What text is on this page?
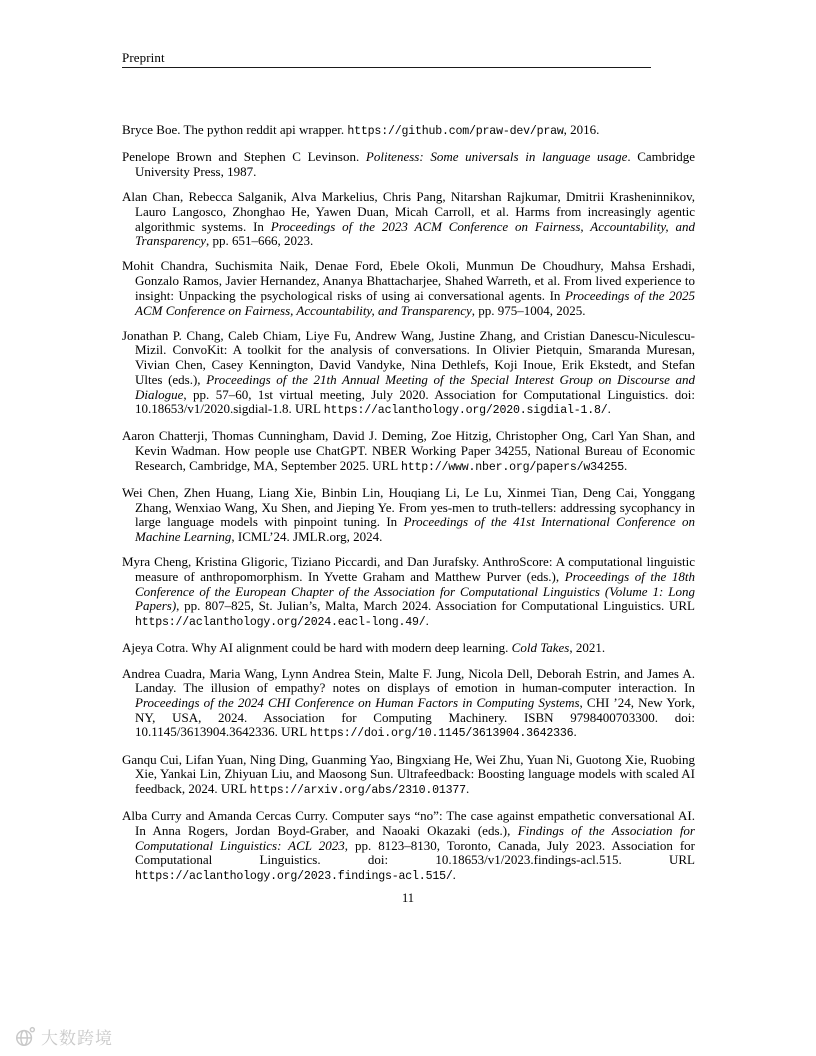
Preprint

Bryce Boe. The python reddit api wrapper. https://github.com/praw-dev/praw, 2016.

Penelope Brown and Stephen C Levinson. Politeness: Some universals in language usage. Cambridge University Press, 1987.

Alan Chan, Rebecca Salganik, Alva Markelius, Chris Pang, Nitarshan Rajkumar, Dmitrii Krasheninnikov, Lauro Langosco, Zhonghao He, Yawen Duan, Micah Carroll, et al. Harms from increasingly agentic algorithmic systems. In Proceedings of the 2023 ACM Conference on Fairness, Accountability, and Transparency, pp. 651–666, 2023.

Mohit Chandra, Suchismita Naik, Denae Ford, Ebele Okoli, Munmun De Choudhury, Mahsa Ershadi, Gonzalo Ramos, Javier Hernandez, Ananya Bhattacharjee, Shahed Warreth, et al. From lived experience to insight: Unpacking the psychological risks of using ai conversational agents. In Proceedings of the 2025 ACM Conference on Fairness, Accountability, and Transparency, pp. 975–1004, 2025.

Jonathan P. Chang, Caleb Chiam, Liye Fu, Andrew Wang, Justine Zhang, and Cristian Danescu-Niculescu-Mizil. ConvoKit: A toolkit for the analysis of conversations. In Olivier Pietquin, Smaranda Muresan, Vivian Chen, Casey Kennington, David Vandyke, Nina Dethlefs, Koji Inoue, Erik Ekstedt, and Stefan Ultes (eds.), Proceedings of the 21th Annual Meeting of the Special Interest Group on Discourse and Dialogue, pp. 57–60, 1st virtual meeting, July 2020. Association for Computational Linguistics. doi: 10.18653/v1/2020.sigdial-1.8. URL https://aclanthology.org/2020.sigdial-1.8/.

Aaron Chatterji, Thomas Cunningham, David J. Deming, Zoe Hitzig, Christopher Ong, Carl Yan Shan, and Kevin Wadman. How people use ChatGPT. NBER Working Paper 34255, National Bureau of Economic Research, Cambridge, MA, September 2025. URL http://www.nber.org/papers/w34255.

Wei Chen, Zhen Huang, Liang Xie, Binbin Lin, Houqiang Li, Le Lu, Xinmei Tian, Deng Cai, Yonggang Zhang, Wenxiao Wang, Xu Shen, and Jieping Ye. From yes-men to truth-tellers: addressing sycophancy in large language models with pinpoint tuning. In Proceedings of the 41st International Conference on Machine Learning, ICML’24. JMLR.org, 2024.

Myra Cheng, Kristina Gligoric, Tiziano Piccardi, and Dan Jurafsky. AnthroScore: A computational linguistic measure of anthropomorphism. In Yvette Graham and Matthew Purver (eds.), Proceedings of the 18th Conference of the European Chapter of the Association for Computational Linguistics (Volume 1: Long Papers), pp. 807–825, St. Julian’s, Malta, March 2024. Association for Computational Linguistics. URL https://aclanthology.org/2024.eacl-long.49/.

Ajeya Cotra. Why AI alignment could be hard with modern deep learning. Cold Takes, 2021.

Andrea Cuadra, Maria Wang, Lynn Andrea Stein, Malte F. Jung, Nicola Dell, Deborah Estrin, and James A. Landay. The illusion of empathy? notes on displays of emotion in human-computer interaction. In Proceedings of the 2024 CHI Conference on Human Factors in Computing Systems, CHI ’24, New York, NY, USA, 2024. Association for Computing Machinery. ISBN 9798400703300. doi: 10.1145/3613904.3642336. URL https://doi.org/10.1145/3613904.3642336.

Ganqu Cui, Lifan Yuan, Ning Ding, Guanming Yao, Bingxiang He, Wei Zhu, Yuan Ni, Guotong Xie, Ruobing Xie, Yankai Lin, Zhiyuan Liu, and Maosong Sun. Ultrafeedback: Boosting language models with scaled AI feedback, 2024. URL https://arxiv.org/abs/2310.01377.

Alba Curry and Amanda Cercas Curry. Computer says “no”: The case against empathetic conversational AI. In Anna Rogers, Jordan Boyd-Graber, and Naoaki Okazaki (eds.), Findings of the Association for Computational Linguistics: ACL 2023, pp. 8123–8130, Toronto, Canada, July 2023. Association for Computational Linguistics. doi: 10.18653/v1/2023.findings-acl.515. URL https://aclanthology.org/2023.findings-acl.515/.

11
大数跨境
